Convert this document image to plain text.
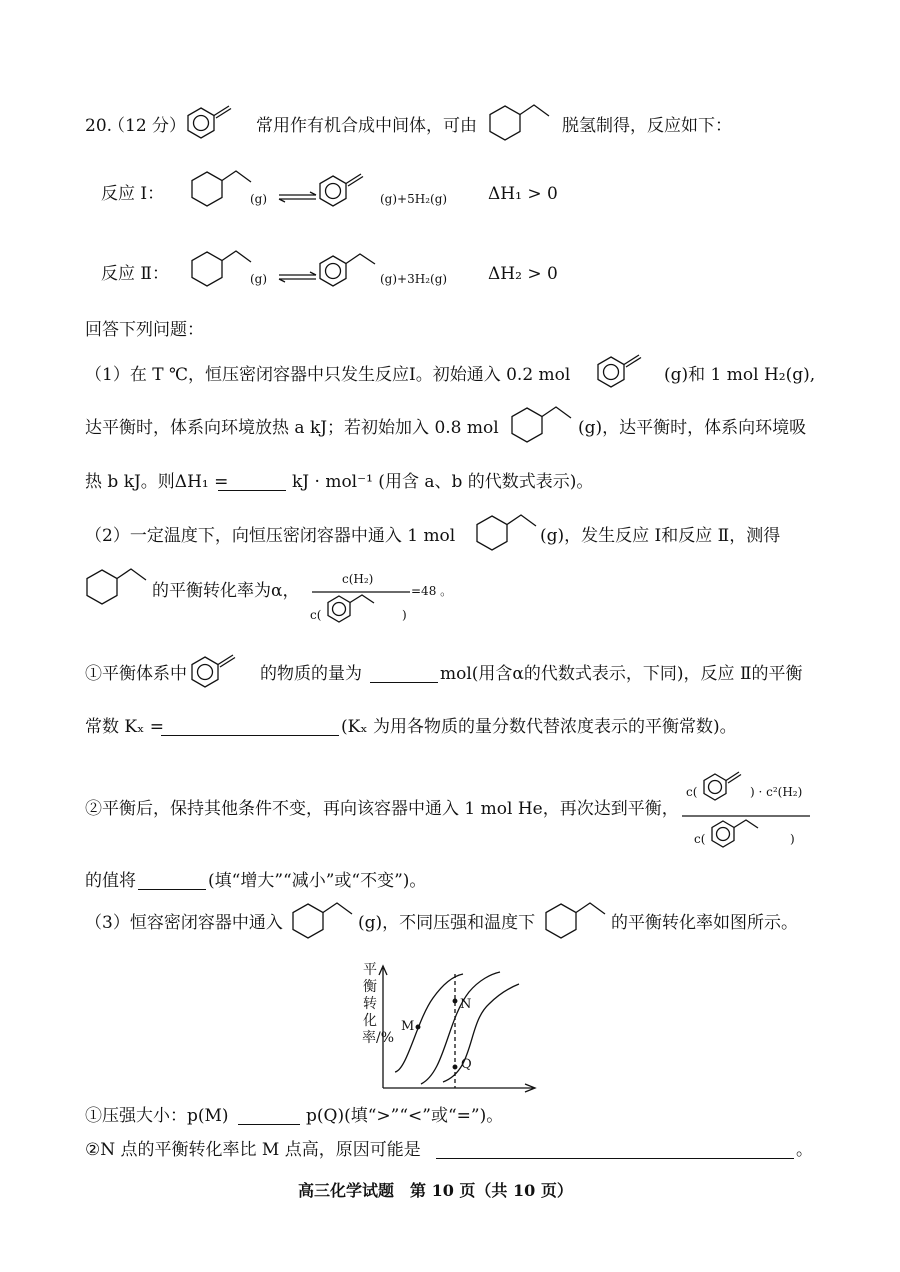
20.
（12 分）	常用作有机合成中间体，可由	脱氢制得，反应如下：
反应 Ⅰ：	(g) ⇌	(g)+5H₂(g) ΔH₁ > 0
反应 Ⅱ：	(g) ⇌	(g)+3H₂(g) ΔH₂ > 0
回答下列问题：
（1）在 T ℃，恒压密闭容器中只发生反应Ⅰ。初始通入 0.2 mol	(g)和 1 mol H₂(g),
达平衡时，体系向环境放热 a kJ；若初始加入 0.8 mol	(g)，达平衡时，体系向环境吸
热 b kJ。则ΔH₁ =	kJ · mol⁻¹ (用含 a、b 的代数式表示)。
（2）一定温度下，向恒压密闭容器中通入 1 mol	(g)，发生反应 Ⅰ和反应 Ⅱ，测得
的平衡转化率为α，
c(H₂)
c(	)
=48 。
①平衡体系中	的物质的量为	mol(用含α的代数式表示，下同)，反应 Ⅱ的平衡
常数 Kₓ =	(Kₓ 为用各物质的量分数代替浓度表示的平衡常数)。
②平衡后，保持其他条件不变，再向该容器中通入 1 mol He，再次达到平衡，
c(	) · c²(H₂)
c(	)
的值将	(填“增大”“减小”或“不变”)。
（3）恒容密闭容器中通入	(g)，不同压强和温度下	的平衡转化率如图所示。
平衡转化率/%
M
N
Q
①压强大小：p(M)	p(Q)(填“>”“<”或“=”)。
②N 点的平衡转化率比 M 点高，原因可能是	。
高三化学试题　第 10 页（共 10 页）
